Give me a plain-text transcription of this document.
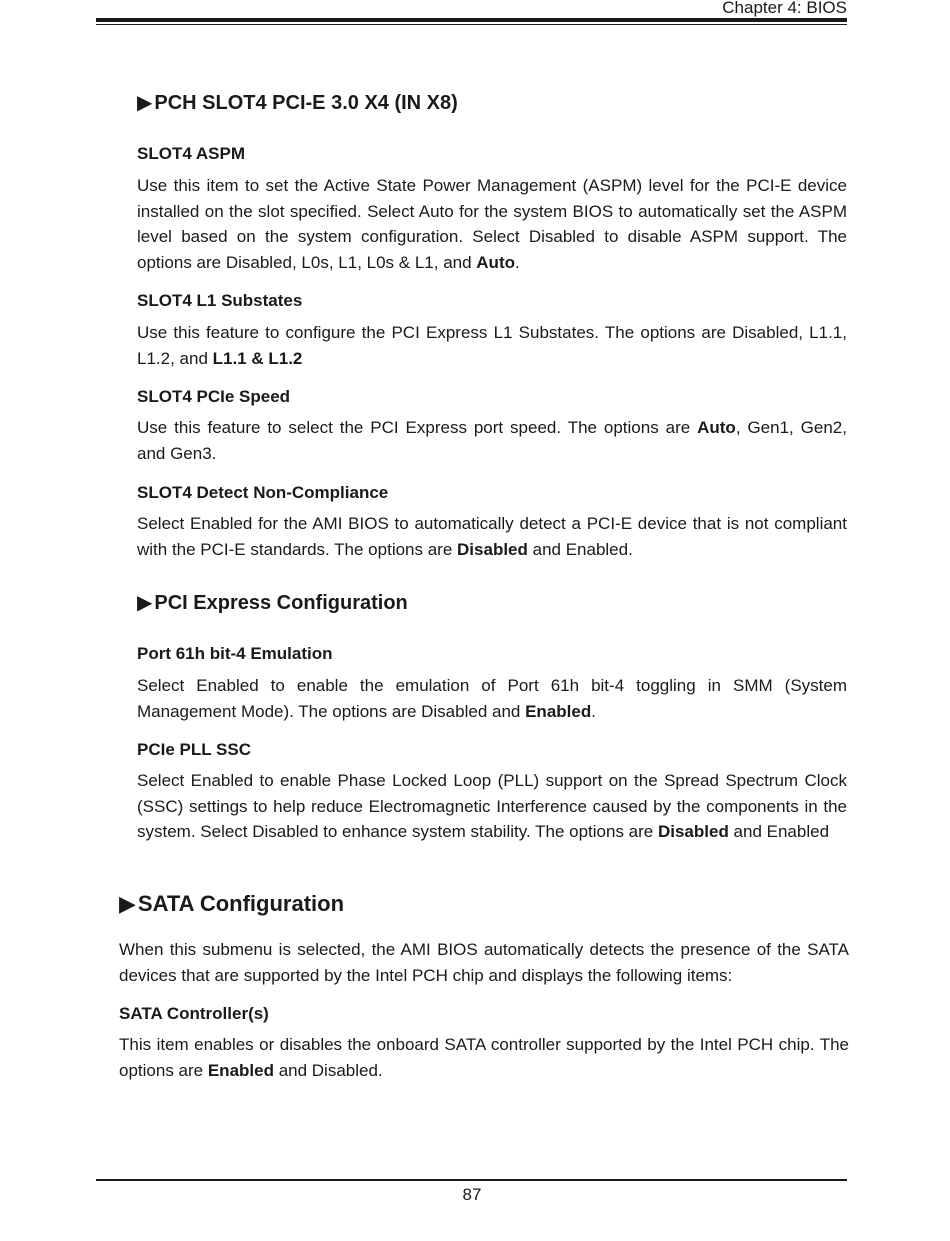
Chapter 4: BIOS

▶ PCH SLOT4 PCI-E 3.0 X4 (IN X8)

SLOT4 ASPM

Use this item to set the Active State Power Management (ASPM) level for the PCI-E device installed on the slot specified. Select Auto for the system BIOS to automatically set the ASPM level based on the system configuration. Select Disabled to disable ASPM support. The options are Disabled, L0s, L1, L0s & L1, and Auto.

SLOT4 L1 Substates

Use this feature to configure the PCI Express L1 Substates. The options are Disabled, L1.1, L1.2, and L1.1 & L1.2

SLOT4 PCIe Speed

Use this feature to select the PCI Express port speed. The options are Auto, Gen1, Gen2, and Gen3.

SLOT4 Detect Non-Compliance

Select Enabled for the AMI BIOS to automatically detect a PCI-E device that is not compliant with the PCI-E standards. The options are Disabled and Enabled.

▶ PCI Express Configuration

Port 61h bit-4 Emulation

Select Enabled to enable the emulation of Port 61h bit-4 toggling in SMM (System Management Mode). The options are Disabled and Enabled.

PCIe PLL SSC

Select Enabled to enable Phase Locked Loop (PLL) support on the Spread Spectrum Clock (SSC) settings to help reduce Electromagnetic Interference caused by the components in the system. Select Disabled to enhance system stability. The options are Disabled and Enabled

▶SATA Configuration

When this submenu is selected, the AMI BIOS automatically detects the presence of the SATA devices that are supported by the Intel PCH chip and displays the following items:

SATA Controller(s)

This item enables or disables the onboard SATA controller supported by the Intel PCH chip. The options are Enabled and Disabled.

87
